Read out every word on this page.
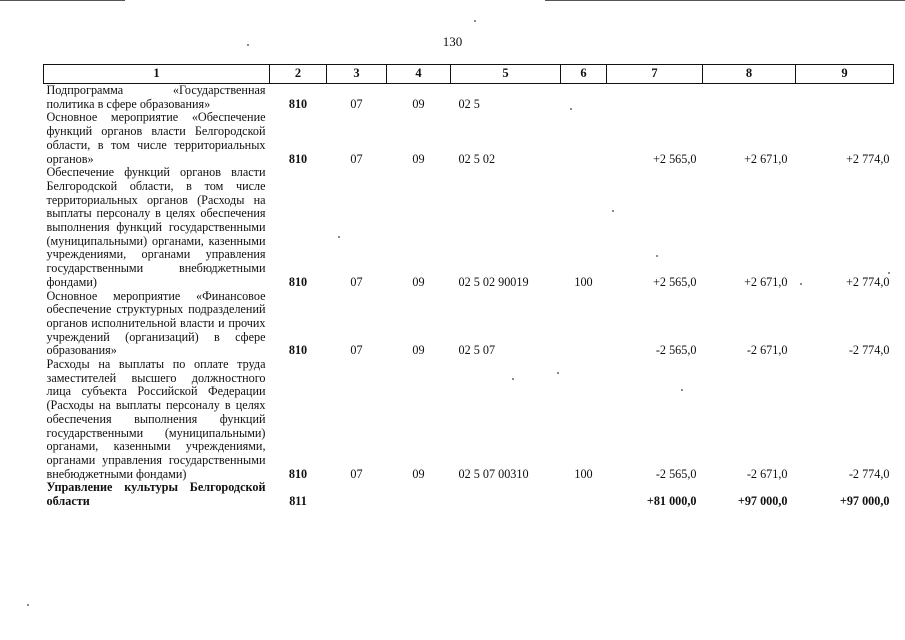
130
1	2	3	4	5	6	7	8	9
Подпрограмма «Государственная политика в сфере образования»	810	07	09	02 5				
Основное мероприятие «Обеспечение функций органов власти Белгородской области, в том числе территориальных органов»	810	07	09	02 5 02		+2 565,0	+2 671,0	+2 774,0
Обеспечение функций органов власти Белгородской области, в том числе территориальных органов (Расходы на выплаты персоналу в целях обеспечения выполнения функций государственными (муниципальными) органами, казенными учреждениями, органами управления государственными внебюджетными фондами)	810	07	09	02 5 02 90019	100	+2 565,0	+2 671,0	+2 774,0
Основное мероприятие «Финансовое обеспечение структурных подразделений органов исполнительной власти и прочих учреждений (организаций) в сфере образования»	810	07	09	02 5 07		-2 565,0	-2 671,0	-2 774,0
Расходы на выплаты по оплате труда заместителей высшего должностного лица субъекта Российской Федерации (Расходы на выплаты персоналу в целях обеспечения выполнения функций государственными (муниципальными) органами, казенными учреждениями, органами управления государственными внебюджетными фондами)	810	07	09	02 5 07 00310	100	-2 565,0	-2 671,0	-2 774,0
Управление культуры Белгородской области	811					+81 000,0	+97 000,0	+97 000,0
